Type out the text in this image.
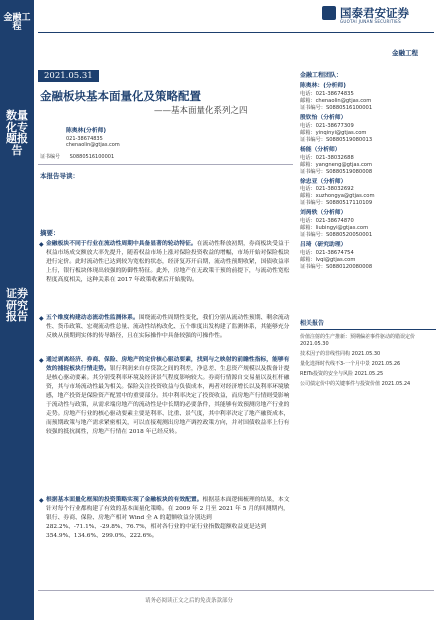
金融工程
数量化专题报告
证券研究报告
国泰君安证券
GUOTAI JUNAN SECURITIES
金融工程
2021.05.31
金融板块基本面量化及策略配置
——基本面量化系列之四
陈奥林(分析师)
021-38674835
chenaolin@gtjas.com
证书编号 S0880516100001
本报告导读：
摘要：
◆ 金融板块不同于行业在流动性周期中具备显著的轮动特征。在流动性释放初期，券商板块受益于权益市场成交额放大率先提升，随着权益市场上涨对保险投资收益的增幅，市场开始对保险板块进行定价。此时流动性已达到较为宽松的状态，经济复苏开启期，流动性预期收紧，国债收益率上行，银行板块体现出较强的防御性特征。此外，房地产在无政策干预的前提下，与流动性宽松程度高度相关，这种关系在 2017 年政策收紧后开始脱钩。
◆ 五个维度构建动态流动性监测体系。围绕流动性周期性变化，我们分别从流动性预期、剩余流动性、货币政策、宏观流动性总量、流动性结构改化、五个维度出发构建了监测体系，其能够充分反映从预期到实体的传导路径，且在实际操作中具备较强的可操作性。
◆ 通过剥离经济、券商、保险、房地产的定价核心驱动要素，找到与之映射的前瞻性指标，能够有效的捕捉板块行情走势。银行利润来自存贷款之间的利差，净息差、生息资产规模以及拨备计提是核心驱动要素。其分别受利率环境及经济景气程度影响较大。券商行情源自交易量以及杠杆融资，其与市场流动性最为相关。保险关注投资收益与负债成本，两者对经济增长以及利率环境敏感，地产投资是保险资产配置中的重要部分。其中利率决定了投资收益，而房地产行情则受影响于流动性与政策，从需求端房地产的流动性是中长期的必要条件，其能够有效预测房地产行业的走势。房地产行业的核心驱动要素主要是利率、比重、景气度，其中利率决定了地产融资成本，而预期政策与地产需求紧密相关，可以直接观测出房地产调控政策方向，并对国债收益率上行有较强的抵抗属性，房地产行情在 2018 年已经反转。
◆ 根据基本面量化框架的投资策略实现了金融板块的有效配置。根据基本面逻辑梳理的结果，本文针对每个行业都构建了有效的基本面量化策略。在 2009 年 2 月至 2021 年 5 月的回测期内，银行、券商、保险、房地产相对 Wind 全 A 的超额收益分别达到 282.2%、-71.1%、-29.8%、76.7%，相对各行业的中证行业指数超额收益更是达到 354.9%、134.6%、299.0%、222.6%。
金融工程团队：
陈奥林：(分析师)
电话：021-38674835
邮箱：chenaolin@gtjas.com
证书编号：S0880516100001
殷钦怡（分析师）
电话：021-38677309
邮箱：yinqinyi@gtjas.com
证书编号：S0880519080013
杨能（分析师）
电话：021-38032688
邮箱：yangneng@gtjas.com
证书编号：S0880519080008
徐忠亚（分析师）
电话：021-38032692
邮箱：xuzhongya@gtjas.com
证书编号：S0880517110109
刘昺轶（分析师）
电话：021-38674870
邮箱：liubingyi@gtjas.com
证书编号：S0880520050001
吕琦（研究助理）
电话：021-38674754
邮箱：lvqi@gtjas.com
证书编号：S0880120080008
相关报告
价值注射的生产推新：预期偏差事件驱动的错误定价 2021.05.30
技术因子的非线性同构 2021.05.30
量化选择时代线不3-一个月中景 2021.05.26
REITs投资的安全与风险 2021.05.25
公司债定价中的关键事件与投资价值 2021.05.24
请务必阅读正文之后的免责条款部分
